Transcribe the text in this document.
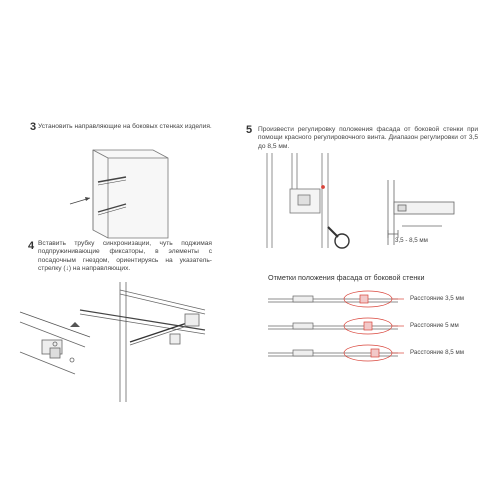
3 Установить направляющие на боковых стенках изделия.
4 Вставить трубку синхронизации, чуть поджимая подпружинивающие фиксаторы, в элементы с посадочным гнездом, ориентируясь на указатель-стрелку (↓) на направляющих.
5 Произвести регулировку положения фасада от боковой стенки при помощи красного регулировочного винта. Диапазон регулировки от 3,5 до 8,5 мм.
3,5 - 8,5 мм
Отметки положения фасада от боковой стенки
Расстояние 3,5 мм
Расстояние 5 мм
Расстояние 8,5 мм
